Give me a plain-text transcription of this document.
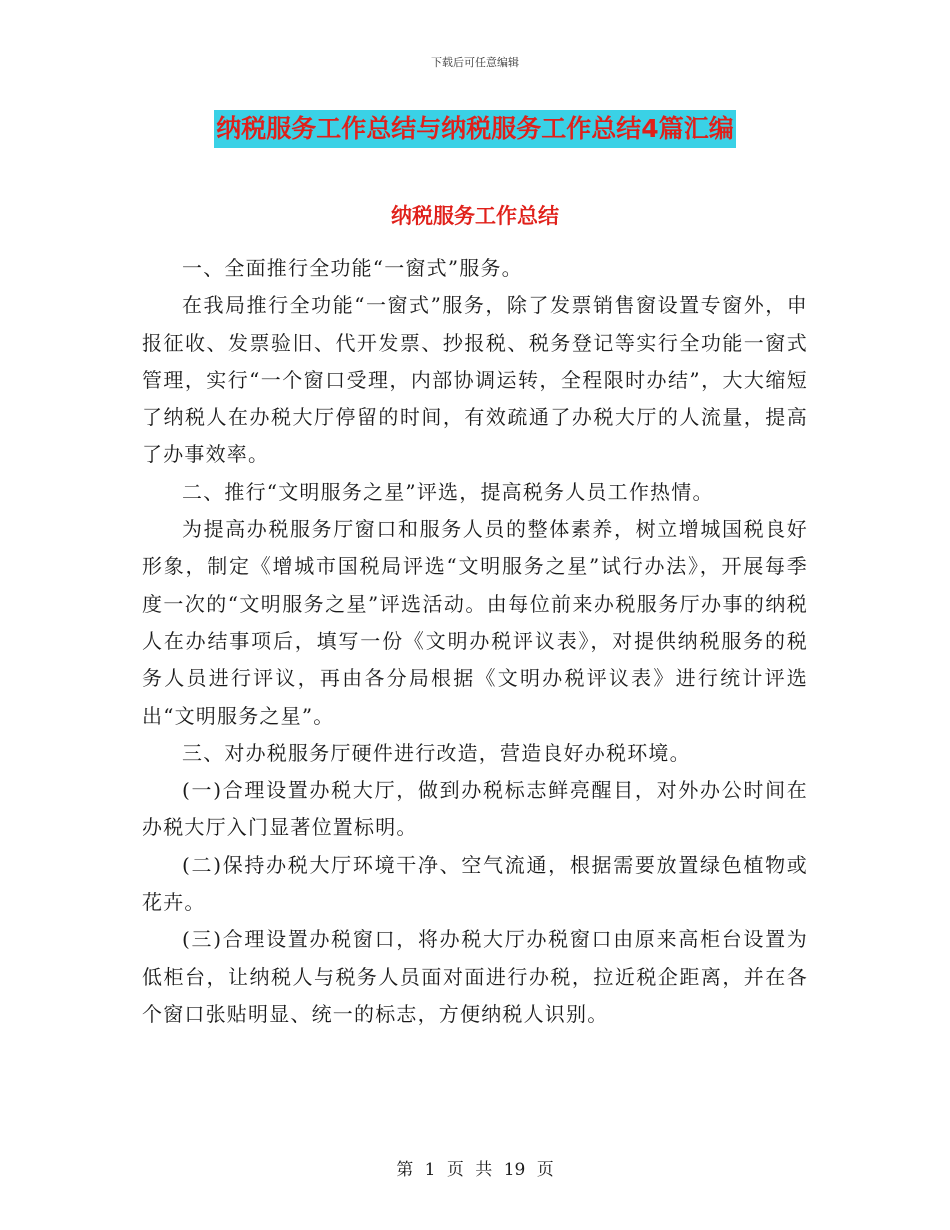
下载后可任意编辑
纳税服务工作总结与纳税服务工作总结4篇汇编
纳税服务工作总结

一、全面推行全功能“一窗式”服务。

在我局推行全功能“一窗式”服务，除了发票销售窗设置专窗外，申报征收、发票验旧、代开发票、抄报税、税务登记等实行全功能一窗式管理，实行“一个窗口受理，内部协调运转，全程限时办结”，大大缩短了纳税人在办税大厅停留的时间，有效疏通了办税大厅的人流量，提高了办事效率。

二、推行“文明服务之星”评选，提高税务人员工作热情。

为提高办税服务厅窗口和服务人员的整体素养，树立增城国税良好形象，制定《增城市国税局评选“文明服务之星”试行办法》，开展每季度一次的“文明服务之星”评选活动。由每位前来办税服务厅办事的纳税人在办结事项后，填写一份《文明办税评议表》，对提供纳税服务的税务人员进行评议，再由各分局根据《文明办税评议表》进行统计评选出“文明服务之星”。

三、对办税服务厅硬件进行改造，营造良好办税环境。

(一)合理设置办税大厅，做到办税标志鲜亮醒目，对外办公时间在办税大厅入门显著位置标明。

(二)保持办税大厅环境干净、空气流通，根据需要放置绿色植物或花卉。

(三)合理设置办税窗口，将办税大厅办税窗口由原来高柜台设置为低柜台，让纳税人与税务人员面对面进行办税，拉近税企距离，并在各个窗口张贴明显、统一的标志，方便纳税人识别。

第 1 页 共 19 页
